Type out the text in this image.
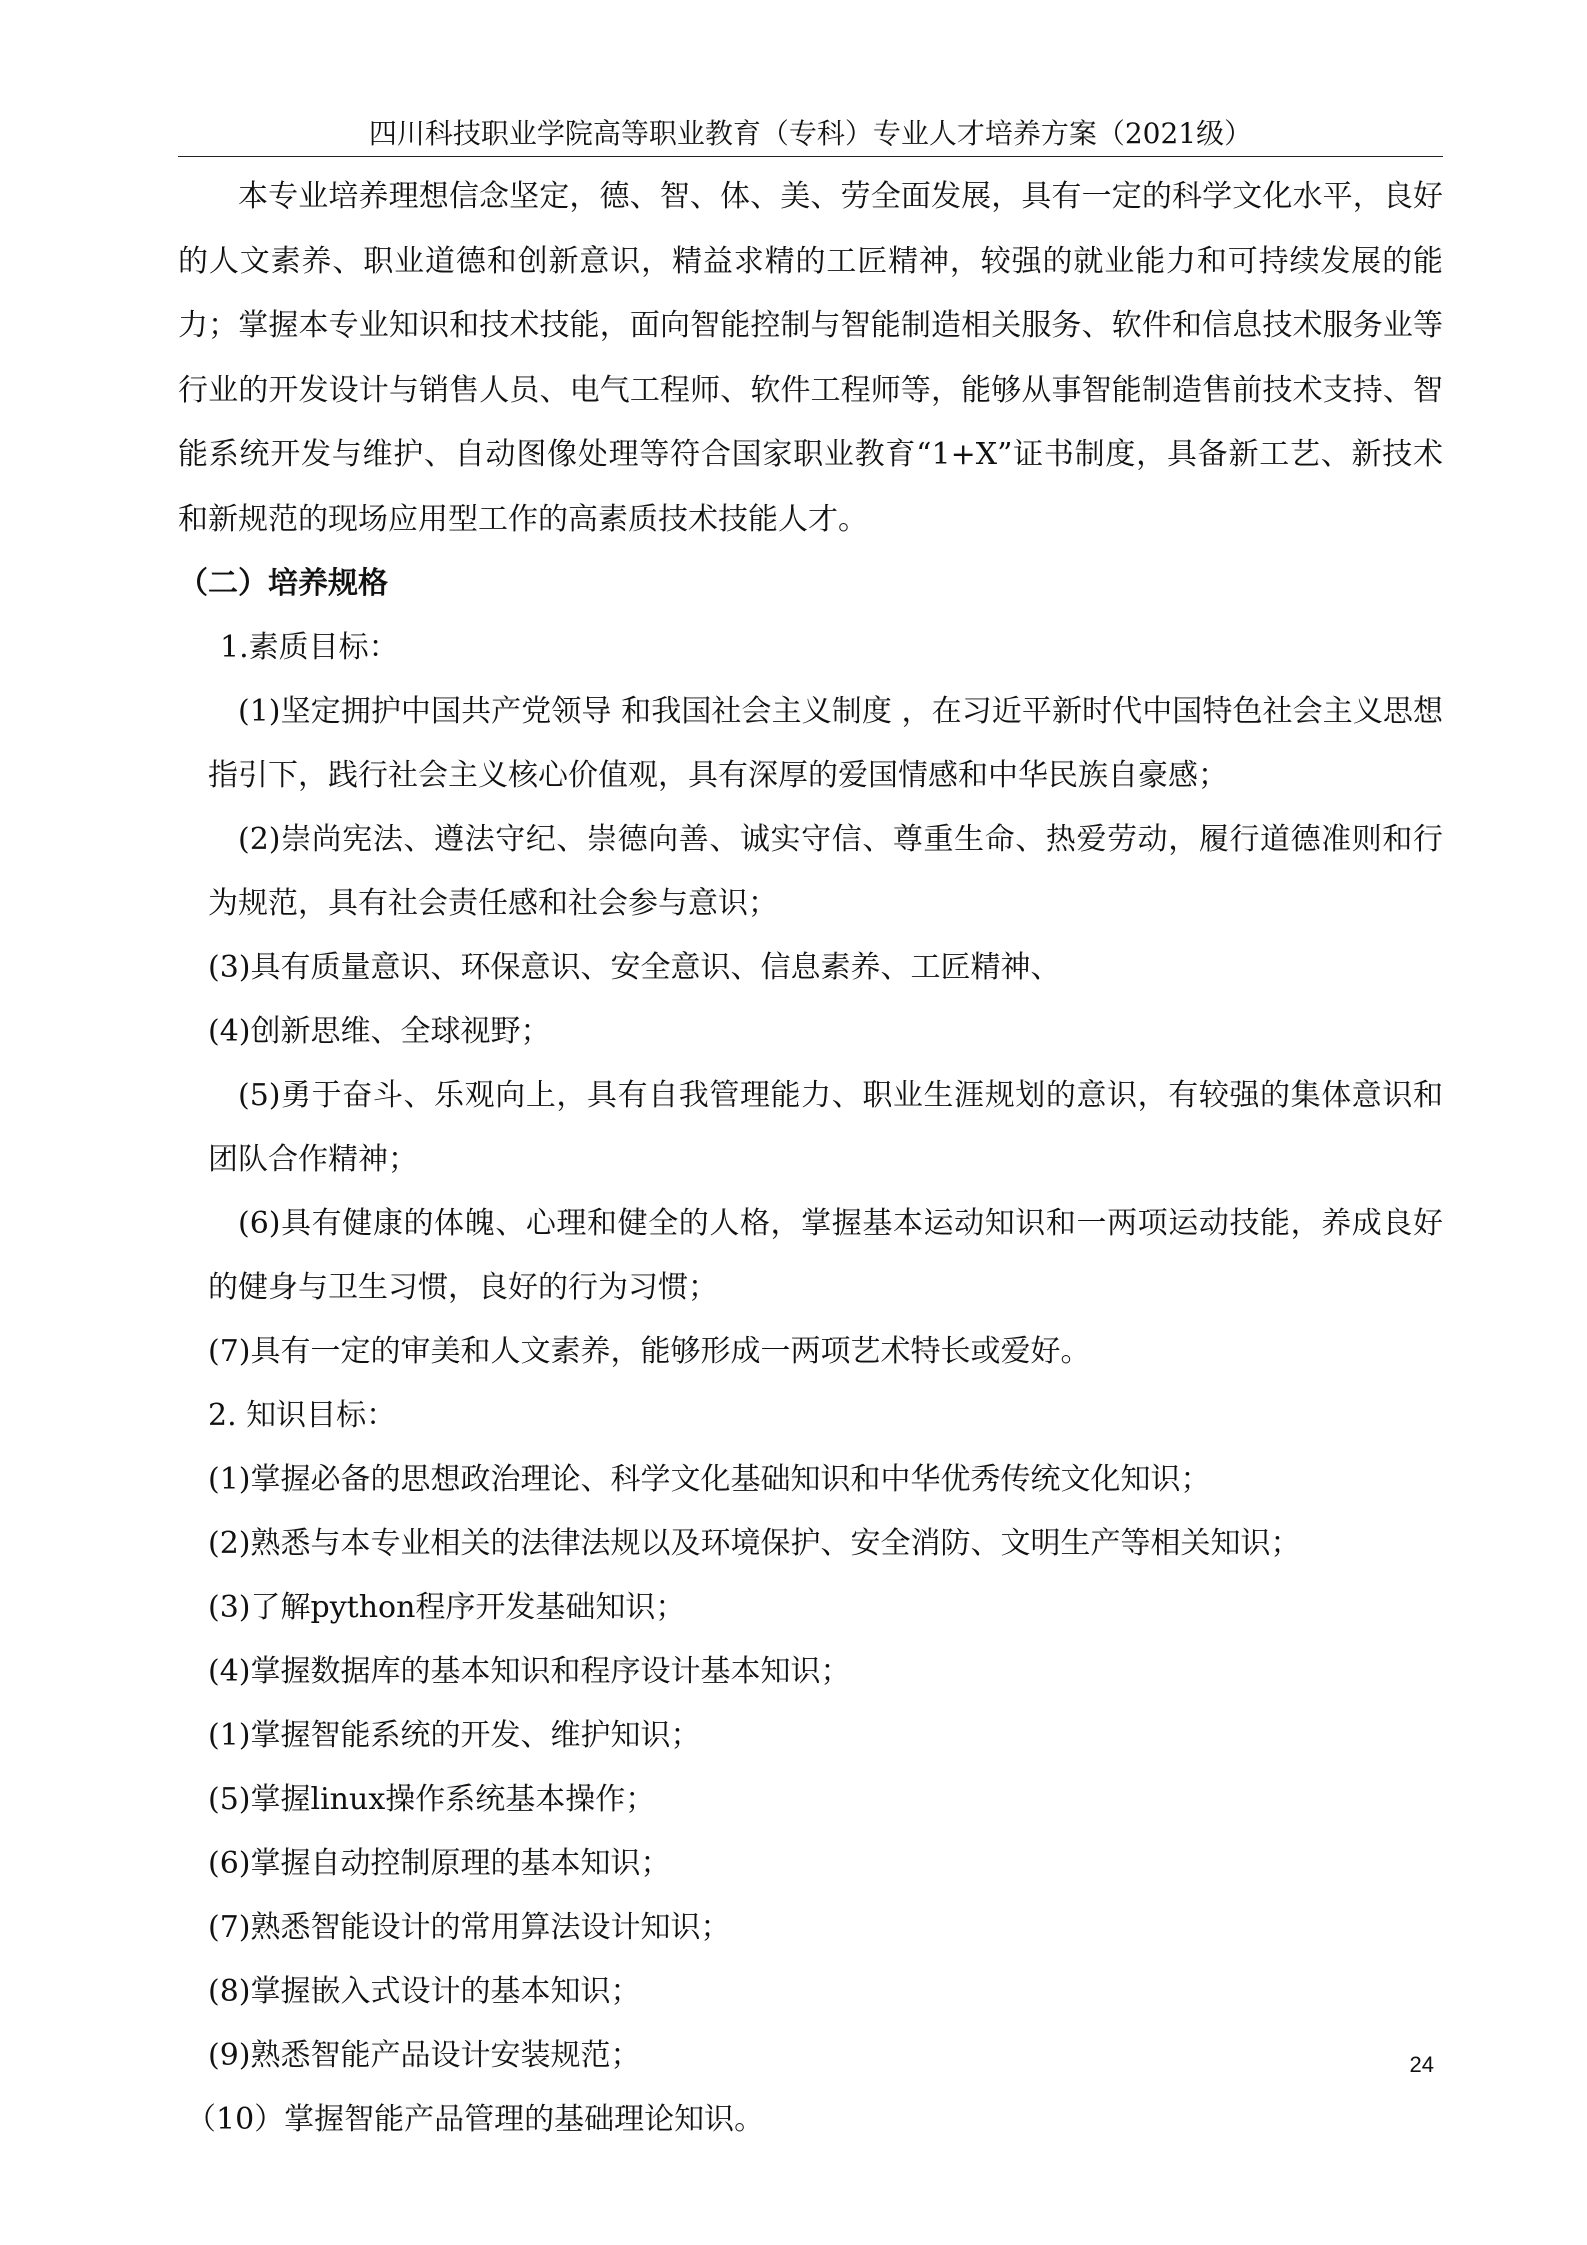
四川科技职业学院高等职业教育（专科）专业人才培养方案（2021级）

本专业培养理想信念坚定，德、智、体、美、劳全面发展，具有一定的科学文化水平，良好的人文素养、职业道德和创新意识，精益求精的工匠精神，较强的就业能力和可持续发展的能力；掌握本专业知识和技术技能，面向智能控制与智能制造相关服务、软件和信息技术服务业等行业的开发设计与销售人员、电气工程师、软件工程师等，能够从事智能制造售前技术支持、智能系统开发与维护、自动图像处理等符合国家职业教育“1+X”证书制度，具备新工艺、新技术和新规范的现场应用型工作的高素质技术技能人才。

（二）培养规格

1.素质目标：

(1)坚定拥护中国共产党领导 和我国社会主义制度 ，在习近平新时代中国特色社会主义思想指引下，践行社会主义核心价值观，具有深厚的爱国情感和中华民族自豪感；

(2)崇尚宪法、遵法守纪、崇德向善、诚实守信、尊重生命、热爱劳动，履行道德准则和行为规范，具有社会责任感和社会参与意识；

(3)具有质量意识、环保意识、安全意识、信息素养、工匠精神、

(4)创新思维、全球视野；

(5)勇于奋斗、乐观向上，具有自我管理能力、职业生涯规划的意识，有较强的集体意识和团队合作精神；

(6)具有健康的体魄、心理和健全的人格，掌握基本运动知识和一两项运动技能，养成良好的健身与卫生习惯，良好的行为习惯；

(7)具有一定的审美和人文素养，能够形成一两项艺术特长或爱好。

2. 知识目标：

(1)掌握必备的思想政治理论、科学文化基础知识和中华优秀传统文化知识；

(2)熟悉与本专业相关的法律法规以及环境保护、安全消防、文明生产等相关知识；

(3)了解python程序开发基础知识；

(4)掌握数据库的基本知识和程序设计基本知识；

(1)掌握智能系统的开发、维护知识；

(5)掌握linux操作系统基本操作；

(6)掌握自动控制原理的基本知识；

(7)熟悉智能设计的常用算法设计知识；

(8)掌握嵌入式设计的基本知识；

(9)熟悉智能产品设计安装规范；

（10）掌握智能产品管理的基础理论知识。

24
